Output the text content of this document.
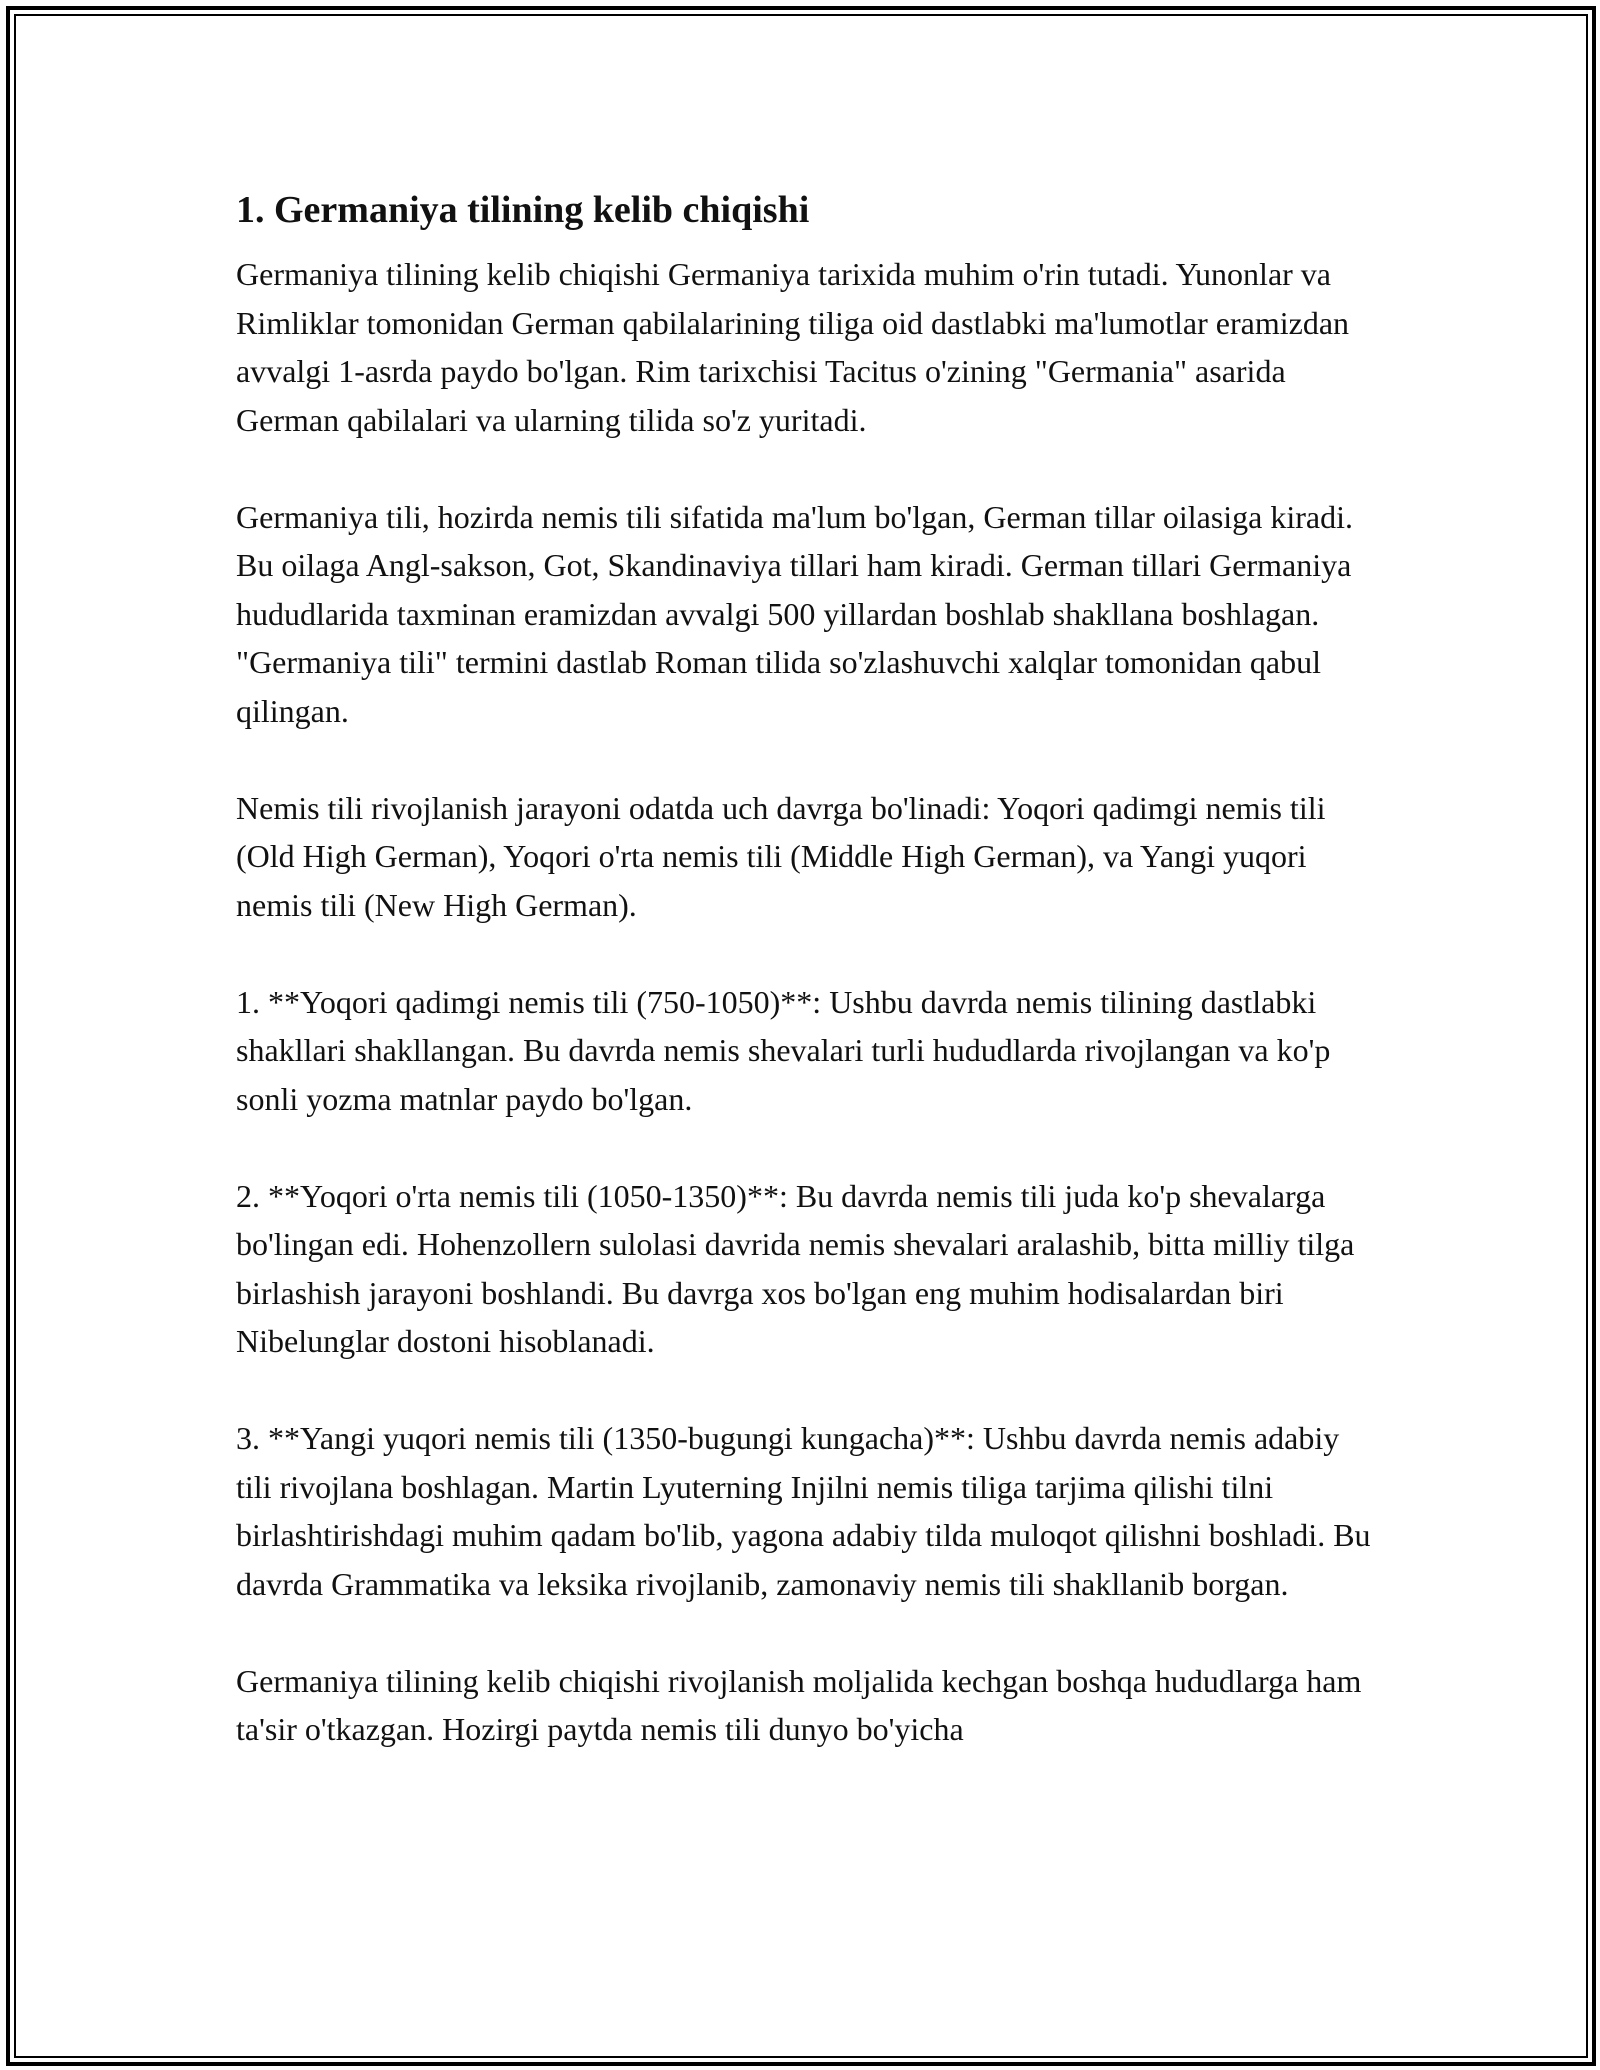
1. Germaniya tilining kelib chiqishi

Germaniya tilining kelib chiqishi Germaniya tarixida muhim o'rin tutadi. Yunonlar va Rimliklar tomonidan German qabilalarining tiliga oid dastlabki ma'lumotlar eramizdan avvalgi 1-asrda paydo bo'lgan. Rim tarixchisi Tacitus o'zining "Germania" asarida German qabilalari va ularning tilida so'z yuritadi.

Germaniya tili, hozirda nemis tili sifatida ma'lum bo'lgan, German tillar oilasiga kiradi. Bu oilaga Angl-sakson, Got, Skandinaviya tillari ham kiradi. German tillari Germaniya hududlarida taxminan eramizdan avvalgi 500 yillardan boshlab shakllana boshlagan. "Germaniya tili" termini dastlab Roman tilida so'zlashuvchi xalqlar tomonidan qabul qilingan.

Nemis tili rivojlanish jarayoni odatda uch davrga bo'linadi: Yoqori qadimgi nemis tili (Old High German), Yoqori o'rta nemis tili (Middle High German), va Yangi yuqori nemis tili (New High German).

1. **Yoqori qadimgi nemis tili (750-1050)**: Ushbu davrda nemis tilining dastlabki shakllari shakllangan. Bu davrda nemis shevalari turli hududlarda rivojlangan va ko'p sonli yozma matnlar paydo bo'lgan.

2. **Yoqori o'rta nemis tili (1050-1350)**: Bu davrda nemis tili juda ko'p shevalarga bo'lingan edi. Hohenzollern sulolasi davrida nemis shevalari aralashib, bitta milliy tilga birlashish jarayoni boshlandi. Bu davrga xos bo'lgan eng muhim hodisalardan biri Nibelunglar dostoni hisoblanadi.

3. **Yangi yuqori nemis tili (1350-bugungi kungacha)**: Ushbu davrda nemis adabiy tili rivojlana boshlagan. Martin Lyuterning Injilni nemis tiliga tarjima qilishi tilni birlashtirishdagi muhim qadam bo'lib, yagona adabiy tilda muloqot qilishni boshladi. Bu davrda Grammatika va leksika rivojlanib, zamonaviy nemis tili shakllanib borgan.

Germaniya tilining kelib chiqishi rivojlanish moljalida kechgan boshqa hududlarga ham ta'sir o'tkazgan. Hozirgi paytda nemis tili dunyo bo'yicha
